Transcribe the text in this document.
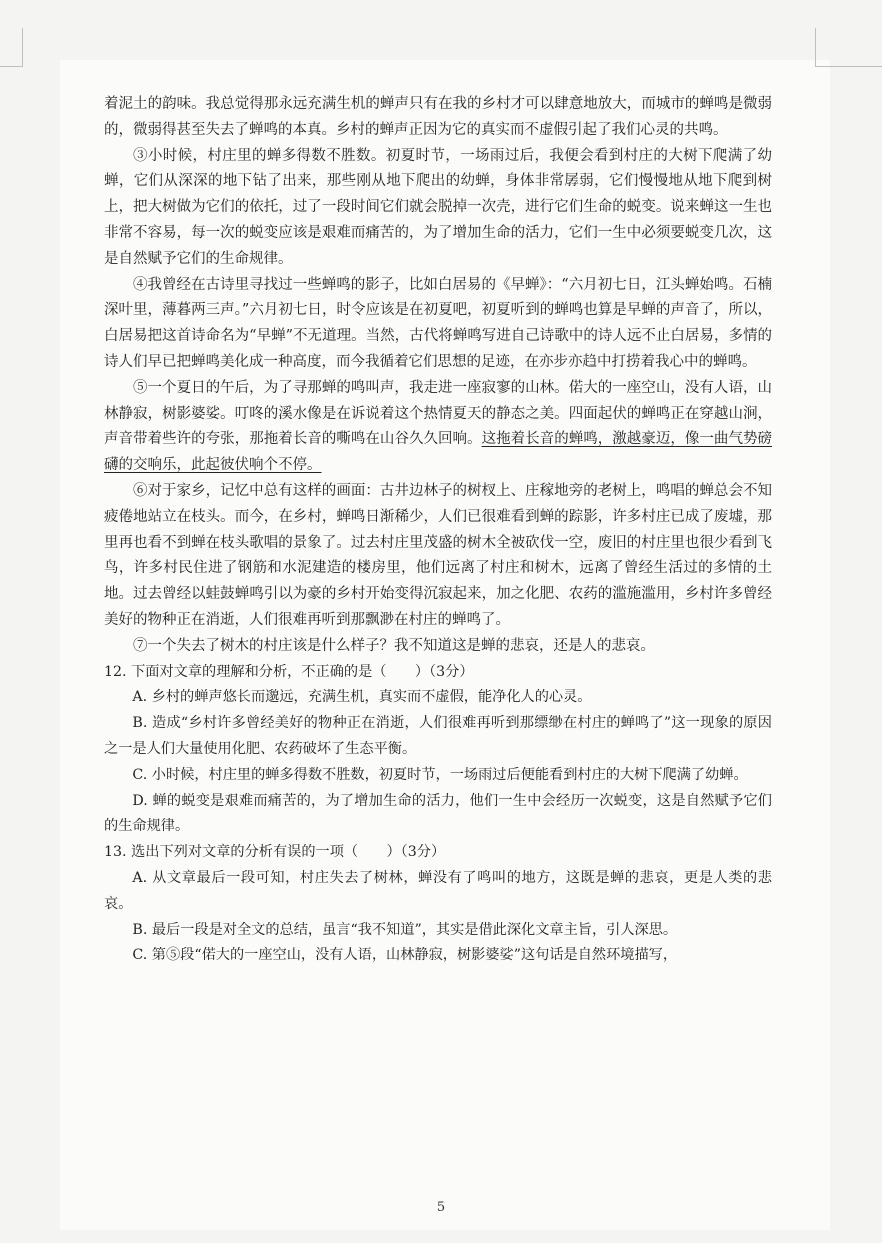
着泥土的韵味。我总觉得那永远充满生机的蝉声只有在我的乡村才可以肆意地放大，而城市的蝉鸣是微弱的，微弱得甚至失去了蝉鸣的本真。乡村的蝉声正因为它的真实而不虚假引起了我们心灵的共鸣。

③小时候，村庄里的蝉多得数不胜数。初夏时节，一场雨过后，我便会看到村庄的大树下爬满了幼蝉，它们从深深的地下钻了出来，那些刚从地下爬出的幼蝉，身体非常孱弱，它们慢慢地从地下爬到树上，把大树做为它们的依托，过了一段时间它们就会脱掉一次壳，进行它们生命的蜕变。说来蝉这一生也非常不容易，每一次的蜕变应该是艰难而痛苦的，为了增加生命的活力，它们一生中必须要蜕变几次，这是自然赋予它们的生命规律。

④我曾经在古诗里寻找过一些蝉鸣的影子，比如白居易的《早蝉》：“六月初七日，江头蝉始鸣。石楠深叶里，薄暮两三声。”六月初七日，时令应该是在初夏吧，初夏听到的蝉鸣也算是早蝉的声音了，所以，白居易把这首诗命名为“早蝉”不无道理。当然，古代将蝉鸣写进自己诗歌中的诗人远不止白居易，多情的诗人们早已把蝉鸣美化成一种高度，而今我循着它们思想的足迹，在亦步亦趋中打捞着我心中的蝉鸣。

⑤一个夏日的午后，为了寻那蝉的鸣叫声，我走进一座寂寥的山林。偌大的一座空山，没有人语，山林静寂，树影婆娑。叮咚的溪水像是在诉说着这个热情夏天的静态之美。四面起伏的蝉鸣正在穿越山涧，声音带着些许的夸张，那拖着长音的嘶鸣在山谷久久回响。这拖着长音的蝉鸣，激越豪迈，像一曲气势磅礴的交响乐，此起彼伏响个不停。

⑥对于家乡，记忆中总有这样的画面：古井边林子的树杈上、庄稼地旁的老树上，鸣唱的蝉总会不知疲倦地站立在枝头。而今，在乡村，蝉鸣日渐稀少，人们已很难看到蝉的踪影，许多村庄已成了废墟，那里再也看不到蝉在枝头歌唱的景象了。过去村庄里茂盛的树木全被砍伐一空，废旧的村庄里也很少看到飞鸟，许多村民住进了钢筋和水泥建造的楼房里，他们远离了村庄和树木，远离了曾经生活过的多情的土地。过去曾经以蛙鼓蝉鸣引以为豪的乡村开始变得沉寂起来，加之化肥、农药的滥施滥用，乡村许多曾经美好的物种正在消逝，人们很难再听到那飘渺在村庄的蝉鸣了。

⑦一个失去了树木的村庄该是什么样子？我不知道这是蝉的悲哀，还是人的悲哀。

12. 下面对文章的理解和分析，不正确的是（　　）（3分）

A. 乡村的蝉声悠长而邈远，充满生机，真实而不虚假，能净化人的心灵。

B. 造成“乡村许多曾经美好的物种正在消逝，人们很难再听到那缥缈在村庄的蝉鸣了”这一现象的原因之一是人们大量使用化肥、农药破坏了生态平衡。

C. 小时候，村庄里的蝉多得数不胜数，初夏时节，一场雨过后便能看到村庄的大树下爬满了幼蝉。

D. 蝉的蜕变是艰难而痛苦的，为了增加生命的活力，他们一生中会经历一次蜕变，这是自然赋予它们的生命规律。

13. 选出下列对文章的分析有误的一项（　　）（3分）

A. 从文章最后一段可知，村庄失去了树林，蝉没有了鸣叫的地方，这既是蝉的悲哀，更是人类的悲哀。

B. 最后一段是对全文的总结，虽言“我不知道”，其实是借此深化文章主旨，引人深思。

C. 第⑤段“偌大的一座空山，没有人语，山林静寂，树影婆娑”这句话是自然环境描写，

5
